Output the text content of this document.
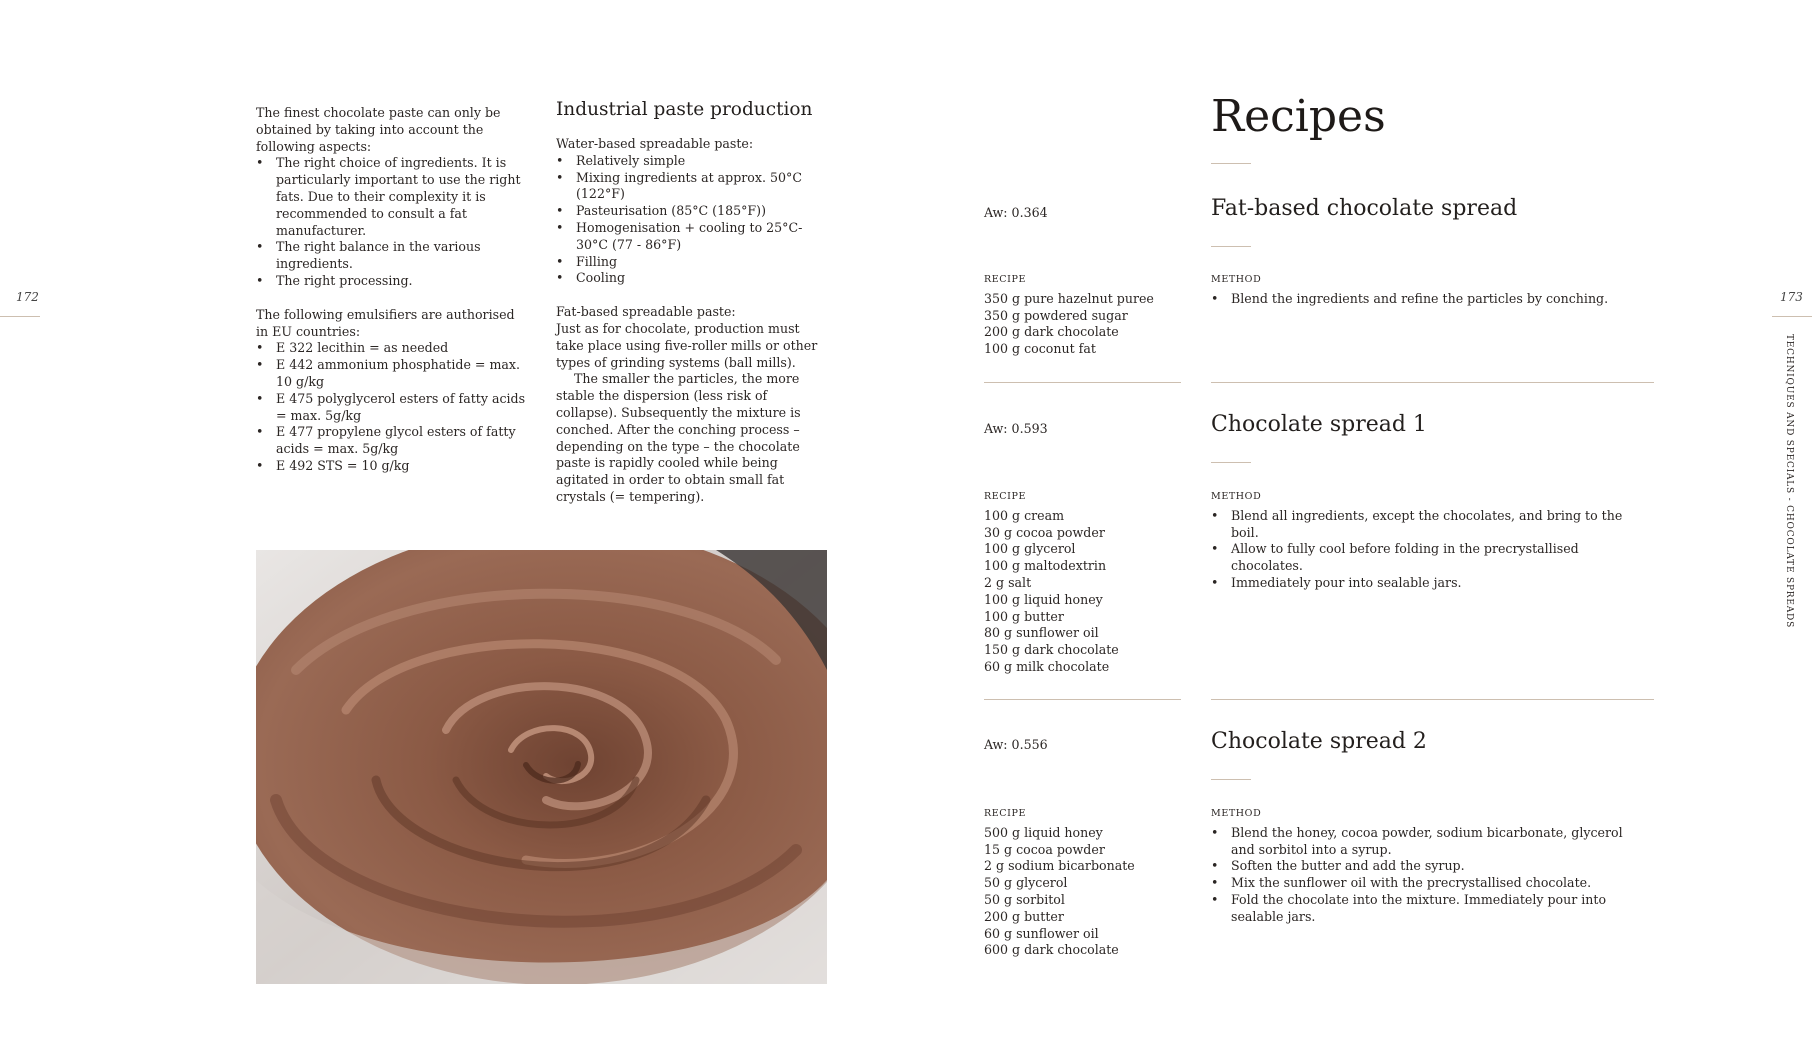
172
The finest chocolate paste can only be obtained by taking into account the following aspects:
• The right choice of ingredients. It is particularly important to use the right fats. Due to their complexity it is recommended to consult a fat manufacturer.
• The right balance in the various ingredients.
• The right processing.
The following emulsifiers are authorised in EU countries:
• E 322 lecithin = as needed
• E 442 ammonium phosphatide = max. 10 g/kg
• E 475 polyglycerol esters of fatty acids = max. 5g/kg
• E 477 propylene glycol esters of fatty acids = max. 5g/kg
• E 492 STS = 10 g/kg
Industrial paste production
Water-based spreadable paste:
• Relatively simple
• Mixing ingredients at approx. 50°C (122°F)
• Pasteurisation (85°C (185°F))
• Homogenisation + cooling to 25°C-30°C (77 - 86°F)
• Filling
• Cooling
Fat-based spreadable paste:
Just as for chocolate, production must take place using five-roller mills or other types of grinding systems (ball mills).
The smaller the particles, the more stable the dispersion (less risk of collapse). Subsequently the mixture is conched. After the conching process – depending on the type – the chocolate paste is rapidly cooled while being agitated in order to obtain small fat crystals (= tempering).
Recipes
173
TECHNIQUES AND SPECIALS - CHOCOLATE SPREADS
Aw: 0.364	Fat-based chocolate spread
RECIPE
350 g pure hazelnut puree
350 g powdered sugar
200 g dark chocolate
100 g coconut fat
METHOD
• Blend the ingredients and refine the particles by conching.
Aw: 0.593	Chocolate spread 1
RECIPE
100 g cream
30 g cocoa powder
100 g glycerol
100 g maltodextrin
2 g salt
100 g liquid honey
100 g butter
80 g sunflower oil
150 g dark chocolate
60 g milk chocolate
METHOD
• Blend all ingredients, except the chocolates, and bring to the boil.
• Allow to fully cool before folding in the precrystallised chocolates.
• Immediately pour into sealable jars.
Aw: 0.556	Chocolate spread 2
RECIPE
500 g liquid honey
15 g cocoa powder
2 g sodium bicarbonate
50 g glycerol
50 g sorbitol
200 g butter
60 g sunflower oil
600 g dark chocolate
METHOD
• Blend the honey, cocoa powder, sodium bicarbonate, glycerol and sorbitol into a syrup.
• Soften the butter and add the syrup.
• Mix the sunflower oil with the precrystallised chocolate.
• Fold the chocolate into the mixture. Immediately pour into sealable jars.
